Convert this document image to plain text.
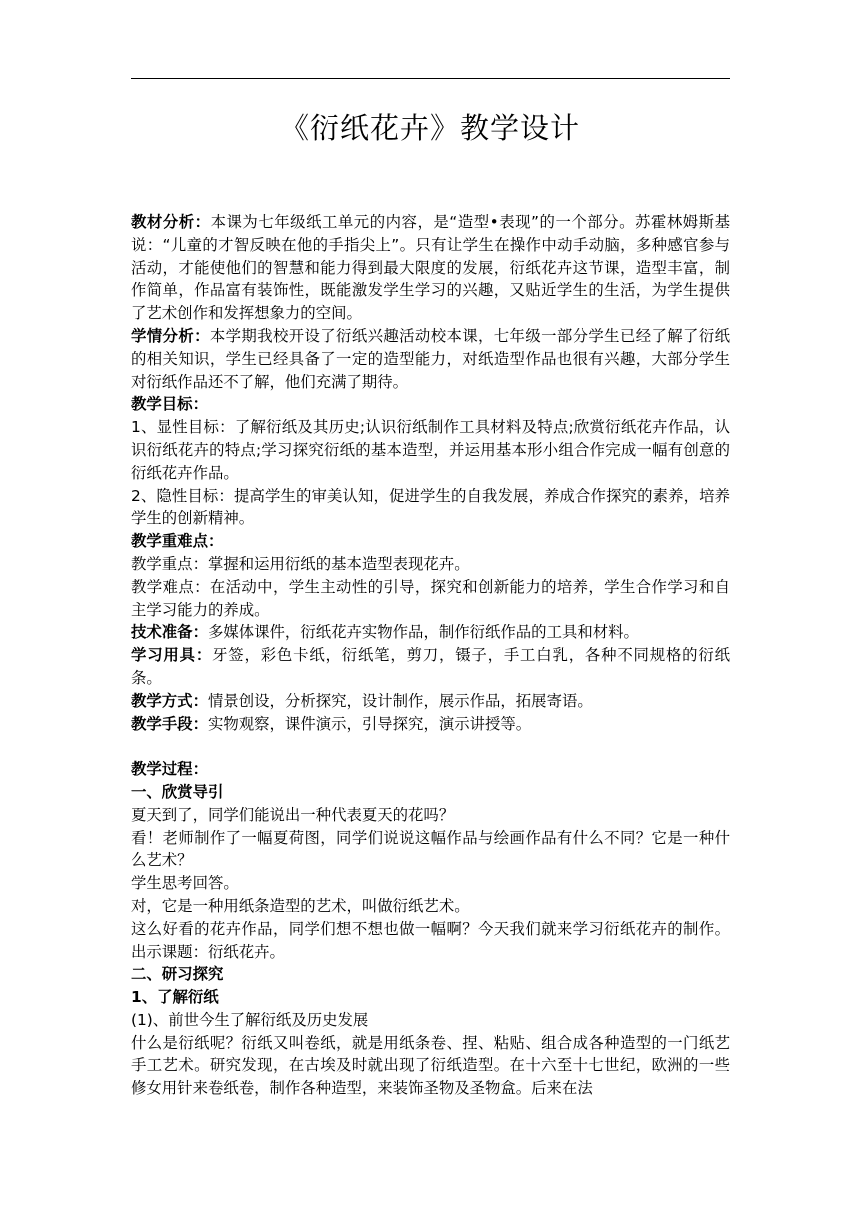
《衍纸花卉》教学设计

教材分析：本课为七年级纸工单元的内容，是“造型•表现”的一个部分。苏霍林姆斯基说：“儿童的才智反映在他的手指尖上”。只有让学生在操作中动手动脑，多种感官参与活动，才能使他们的智慧和能力得到最大限度的发展，衍纸花卉这节课，造型丰富，制作简单，作品富有装饰性，既能激发学生学习的兴趣，又贴近学生的生活，为学生提供了艺术创作和发挥想象力的空间。

学情分析：本学期我校开设了衍纸兴趣活动校本课，七年级一部分学生已经了解了衍纸的相关知识，学生已经具备了一定的造型能力，对纸造型作品也很有兴趣，大部分学生对衍纸作品还不了解，他们充满了期待。

教学目标：

1、显性目标：了解衍纸及其历史;认识衍纸制作工具材料及特点;欣赏衍纸花卉作品，认识衍纸花卉的特点;学习探究衍纸的基本造型，并运用基本形小组合作完成一幅有创意的衍纸花卉作品。

2、隐性目标：提高学生的审美认知，促进学生的自我发展，养成合作探究的素养，培养学生的创新精神。

教学重难点：

教学重点：掌握和运用衍纸的基本造型表现花卉。

教学难点：在活动中，学生主动性的引导，探究和创新能力的培养，学生合作学习和自主学习能力的养成。

技术准备：多媒体课件，衍纸花卉实物作品，制作衍纸作品的工具和材料。

学习用具：牙签，彩色卡纸，衍纸笔，剪刀，镊子，手工白乳，各种不同规格的衍纸条。

教学方式：情景创设，分析探究，设计制作，展示作品，拓展寄语。

教学手段：实物观察，课件演示，引导探究，演示讲授等。

教学过程：

一、欣赏导引

夏天到了，同学们能说出一种代表夏天的花吗？

看！老师制作了一幅夏荷图，同学们说说这幅作品与绘画作品有什么不同？它是一种什么艺术？

学生思考回答。

对，它是一种用纸条造型的艺术，叫做衍纸艺术。

这么好看的花卉作品，同学们想不想也做一幅啊？今天我们就来学习衍纸花卉的制作。出示课题：衍纸花卉。

二、研习探究

1、了解衍纸

(1)、前世今生了解衍纸及历史发展

什么是衍纸呢？衍纸又叫卷纸，就是用纸条卷、捏、粘贴、组合成各种造型的一门纸艺手工艺术。研究发现，在古埃及时就出现了衍纸造型。在十六至十七世纪，欧洲的一些修女用针来卷纸卷，制作各种造型，来装饰圣物及圣物盒。后来在法
